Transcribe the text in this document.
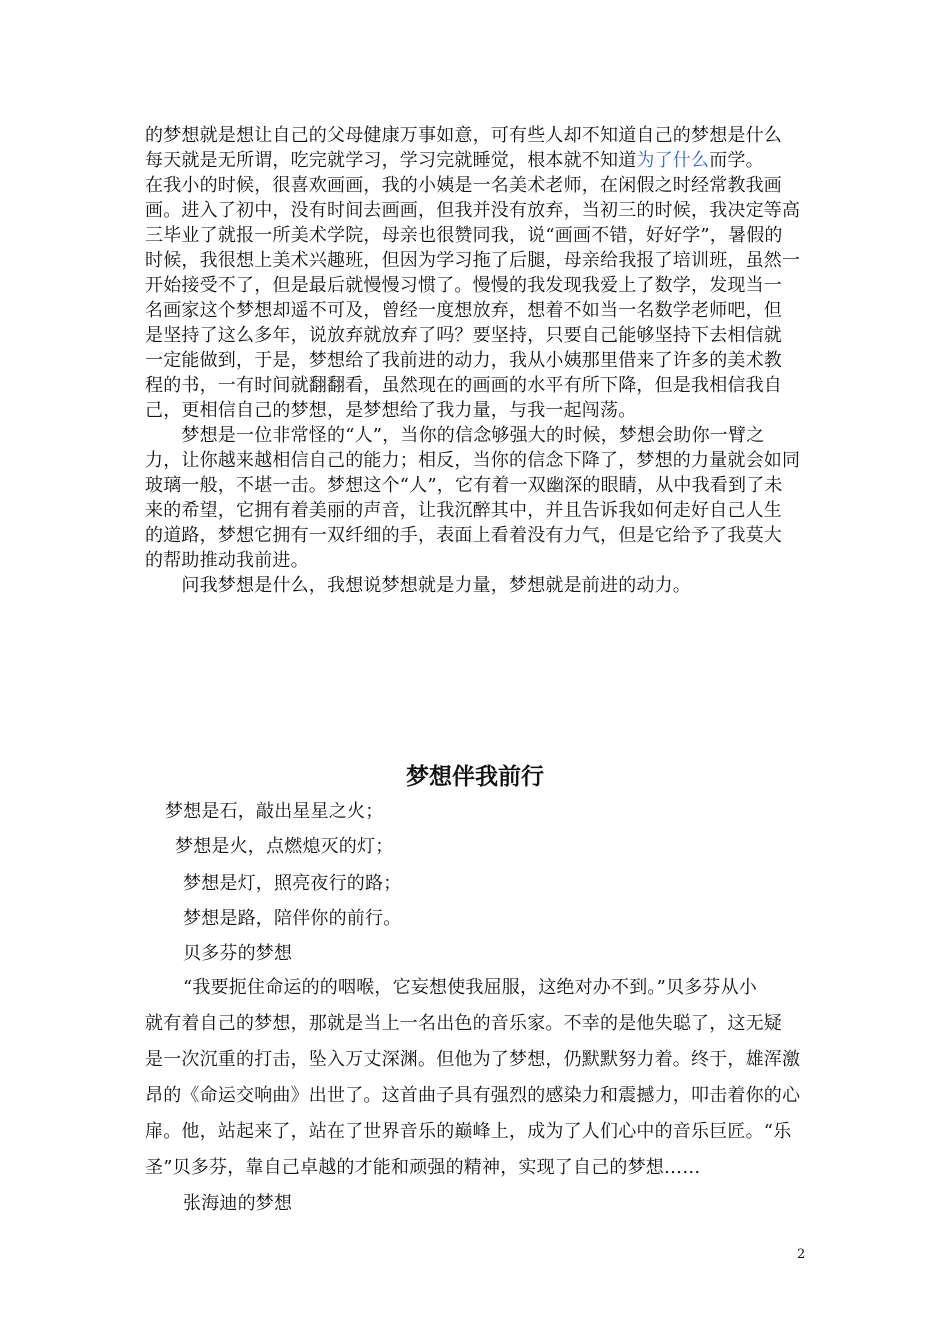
的梦想就是想让自己的父母健康万事如意，可有些人却不知道自己的梦想是什么
每天就是无所谓，吃完就学习，学习完就睡觉，根本就不知道为了什么而学。
在我小的时候，很喜欢画画，我的小姨是一名美术老师，在闲假之时经常教我画
画。进入了初中，没有时间去画画，但我并没有放弃，当初三的时候，我决定等高
三毕业了就报一所美术学院，母亲也很赞同我，说“画画不错，好好学”，暑假的
时候，我很想上美术兴趣班，但因为学习拖了后腿，母亲给我报了培训班，虽然一
开始接受不了，但是最后就慢慢习惯了。慢慢的我发现我爱上了数学，发现当一
名画家这个梦想却遥不可及，曾经一度想放弃，想着不如当一名数学老师吧，但
是坚持了这么多年，说放弃就放弃了吗？要坚持，只要自己能够坚持下去相信就
一定能做到，于是，梦想给了我前进的动力，我从小姨那里借来了许多的美术教
程的书，一有时间就翻翻看，虽然现在的画画的水平有所下降，但是我相信我自
己，更相信自己的梦想，是梦想给了我力量，与我一起闯荡。
　　梦想是一位非常怪的“人”，当你的信念够强大的时候，梦想会助你一臂之
力，让你越来越相信自己的能力；相反，当你的信念下降了，梦想的力量就会如同
玻璃一般，不堪一击。梦想这个“人”，它有着一双幽深的眼睛，从中我看到了未
来的希望，它拥有着美丽的声音，让我沉醉其中，并且告诉我如何走好自己人生
的道路，梦想它拥有一双纤细的手，表面上看着没有力气，但是它给予了我莫大
的帮助推动我前进。
　　问我梦想是什么，我想说梦想就是力量，梦想就是前进的动力。
梦想伴我前行
梦想是石，敲出星星之火；
梦想是火，点燃熄灭的灯；
梦想是灯，照亮夜行的路；
梦想是路，陪伴你的前行。
贝多芬的梦想
“我要扼住命运的的咽喉，它妄想使我屈服，这绝对办不到。”贝多芬从小
就有着自己的梦想，那就是当上一名出色的音乐家。不幸的是他失聪了，这无疑
是一次沉重的打击，坠入万丈深渊。但他为了梦想，仍默默努力着。终于，雄浑激
昂的《命运交响曲》出世了。这首曲子具有强烈的感染力和震撼力，叩击着你的心
扉。他，站起来了，站在了世界音乐的巅峰上，成为了人们心中的音乐巨匠。“乐
圣”贝多芬，靠自己卓越的才能和顽强的精神，实现了自己的梦想……
张海迪的梦想
2
